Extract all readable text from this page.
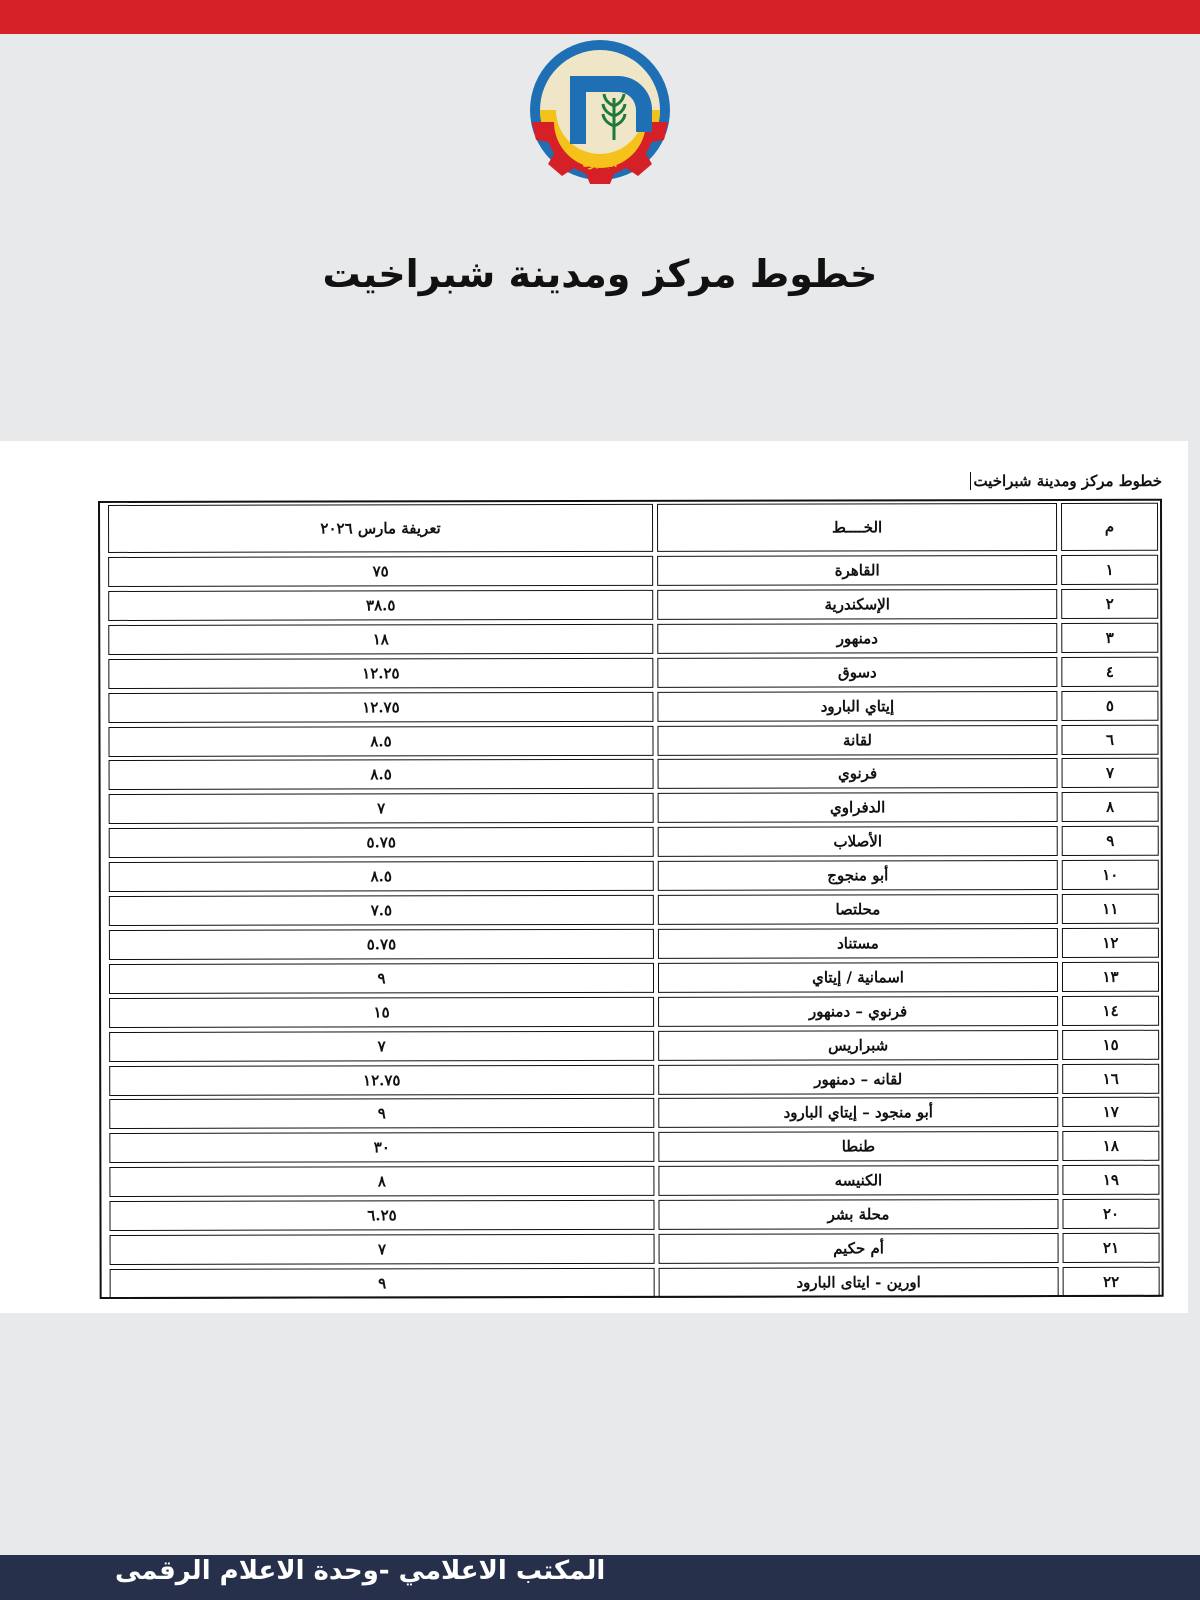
البحيرة
خطوط مركز ومدينة شبراخيت
خطوط مركز ومدينة شبراخيت
م
الخــــط
تعريفة مارس ٢٠٢٦
١
القاهرة
٧٥
٢
الإسكندرية
٣٨.٥
٣
دمنهور
١٨
٤
دسوق
١٢.٢٥
٥
إيتاي البارود
١٢.٧٥
٦
لقانة
٨.٥
٧
فرنوي
٨.٥
٨
الدفراوي
٧
٩
الأصلاب
٥.٧٥
١٠
أبو منجوج
٨.٥
١١
محلتصا
٧.٥
١٢
مستناد
٥.٧٥
١٣
اسمانية / إيتاي
٩
١٤
فرنوي – دمنهور
١٥
١٥
شبراريس
٧
١٦
لقانه – دمنهور
١٢.٧٥
١٧
أبو منجود – إيتاي البارود
٩
١٨
طنطا
٣٠
١٩
الكنيسه
٨
٢٠
محلة بشر
٦.٢٥
٢١
أم حكيم
٧
٢٢
اورين - ايتاى البارود
٩
المكتب الاعلامي -وحدة الاعلام الرقمى
